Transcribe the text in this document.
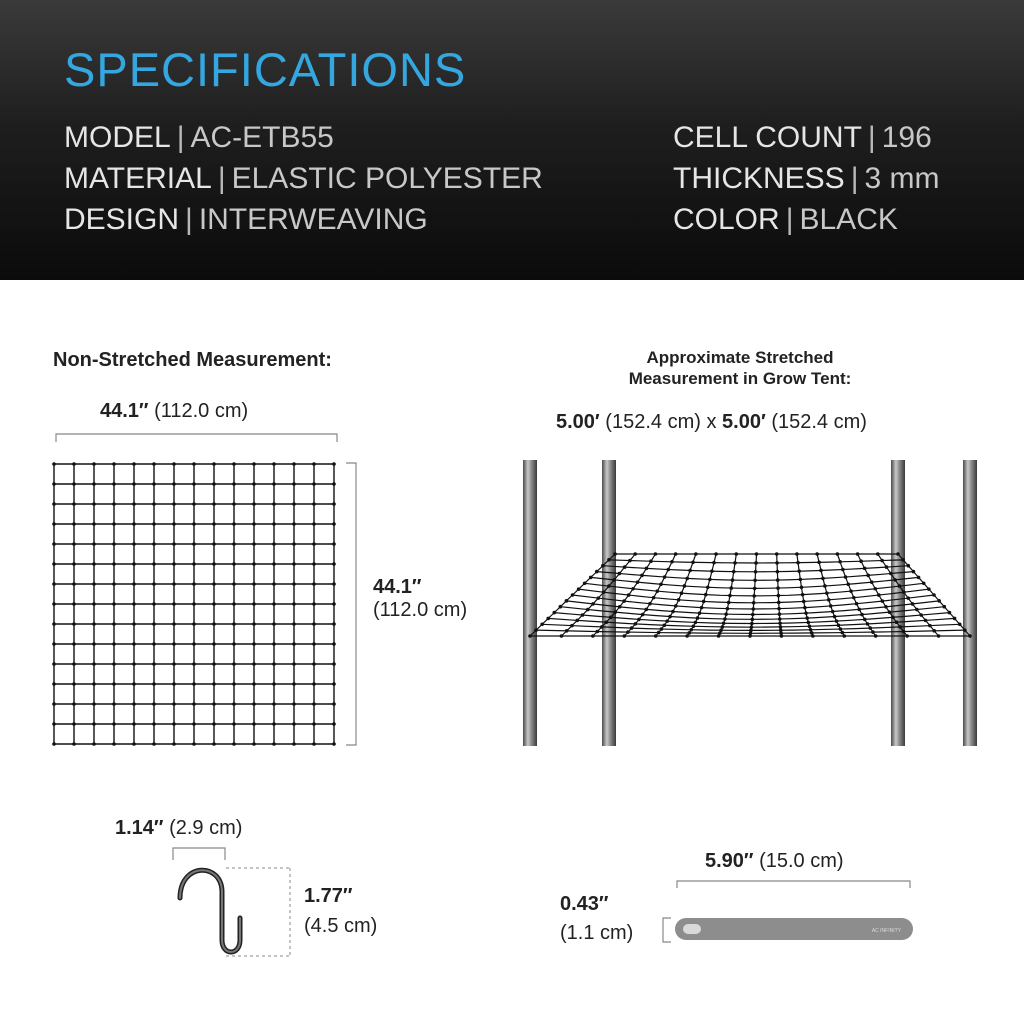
SPECIFICATIONS
MODEL | AC-ETB55
MATERIAL | ELASTIC POLYESTER
DESIGN | INTERWEAVING
CELL COUNT | 196
THICKNESS | 3 mm
COLOR | BLACK
Non-Stretched Measurement:
44.1″ (112.0 cm)
44.1″
(112.0 cm)
Approximate Stretched
Measurement in Grow Tent:
5.00′ (152.4 cm) x 5.00′ (152.4 cm)
1.14″ (2.9 cm)
1.77″
(4.5 cm)
5.90″ (15.0 cm)
0.43″
(1.1 cm)	AC INFINITY
